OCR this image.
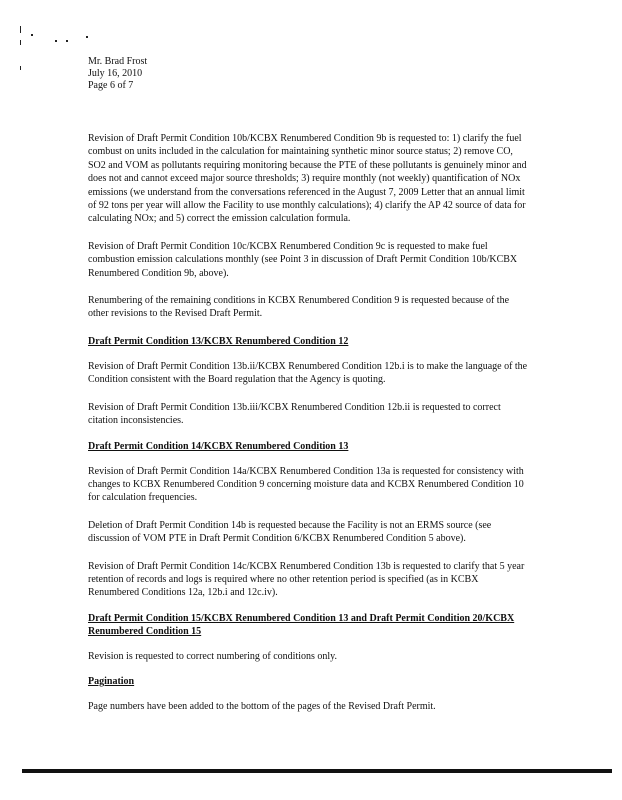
Mr. Brad Frost

July 16, 2010

Page 6 of 7

Revision of Draft Permit Condition 10b/KCBX Renumbered Condition 9b is requested to: 1) clarify the fuel combust on units included in the calculation for maintaining synthetic minor source status; 2) remove CO, SO2 and VOM as pollutants requiring monitoring because the PTE of these pollutants is genuinely minor and does not and cannot exceed major source thresholds; 3) require monthly (not weekly) quantification of NOx emissions (we understand from the conversations referenced in the August 7, 2009 Letter that an annual limit of 92 tons per year will allow the Facility to use monthly calculations); 4) clarify the AP 42 source of data for calculating NOx; and 5) correct the emission calculation formula.

Revision of Draft Permit Condition 10c/KCBX Renumbered Condition 9c is requested to make fuel combustion emission calculations monthly (see Point 3 in discussion of Draft Permit Condition 10b/KCBX Renumbered Condition 9b, above).

Renumbering of the remaining conditions in KCBX Renumbered Condition 9 is requested because of the other revisions to the Revised Draft Permit.

Draft Permit Condition 13/KCBX Renumbered Condition 12

Revision of Draft Permit Condition 13b.ii/KCBX Renumbered Condition 12b.i is to make the language of the Condition consistent with the Board regulation that the Agency is quoting.

Revision of Draft Permit Condition 13b.iii/KCBX Renumbered Condition 12b.ii is requested to correct citation inconsistencies.

Draft Permit Condition 14/KCBX Renumbered Condition 13

Revision of Draft Permit Condition 14a/KCBX Renumbered Condition 13a is requested for consistency with changes to KCBX Renumbered Condition 9 concerning moisture data and KCBX Renumbered Condition 10 for calculation frequencies.

Deletion of Draft Permit Condition 14b is requested because the Facility is not an ERMS source (see discussion of VOM PTE in Draft Permit Condition 6/KCBX Renumbered Condition 5 above).

Revision of Draft Permit Condition 14c/KCBX Renumbered Condition 13b is requested to clarify that 5 year retention of records and logs is required where no other retention period is specified (as in KCBX Renumbered Conditions 12a, 12b.i and 12c.iv).

Draft Permit Condition 15/KCBX Renumbered Condition 13 and Draft Permit Condition 20/KCBX Renumbered Condition 15

Revision is requested to correct numbering of conditions only.

Pagination

Page numbers have been added to the bottom of the pages of the Revised Draft Permit.
